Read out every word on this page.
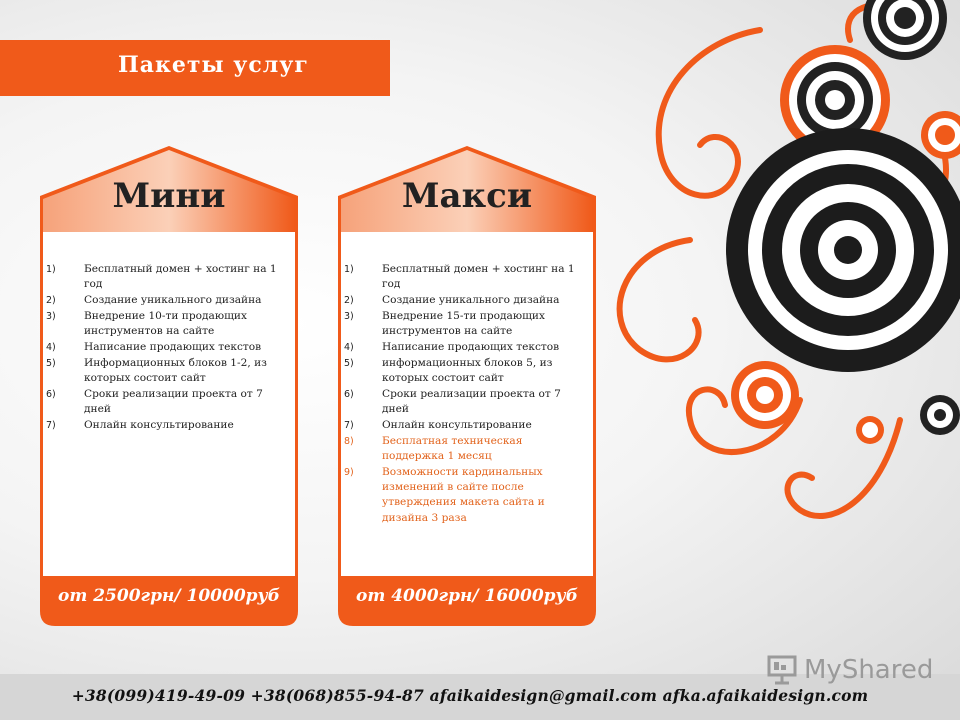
Пакеты услуг
Мини
1)	Бесплатный домен + хостинг на 1 год
2)	Создание уникального дизайна
3)	Внедрение 10-ти продающих инструментов на сайте
4)	Написание продающих текстов
5)	Информационных блоков 1-2, из которых состоит сайт
6)	Сроки реализации проекта от 7 дней
7)	Онлайн консультирование
от 2500грн/ 10000руб
Макси
1)	Бесплатный домен + хостинг на 1 год
2)	Создание уникального дизайна
3)	Внедрение 15-ти продающих инструментов на сайте
4)	Написание продающих текстов
5)	информационных блоков 5, из которых состоит сайт
6)	Сроки реализации проекта от 7 дней
7)	Онлайн консультирование
8)	Бесплатная техническая поддержка 1 месяц
9)	Возможности кардинальных изменений в сайте после утверждения макета сайта и дизайна 3 раза
от 4000грн/ 16000руб
+38(099)419-49-09 +38(068)855-94-87 afaikaidesign@gmail.com afka.afaikaidesign.com
MyShared
